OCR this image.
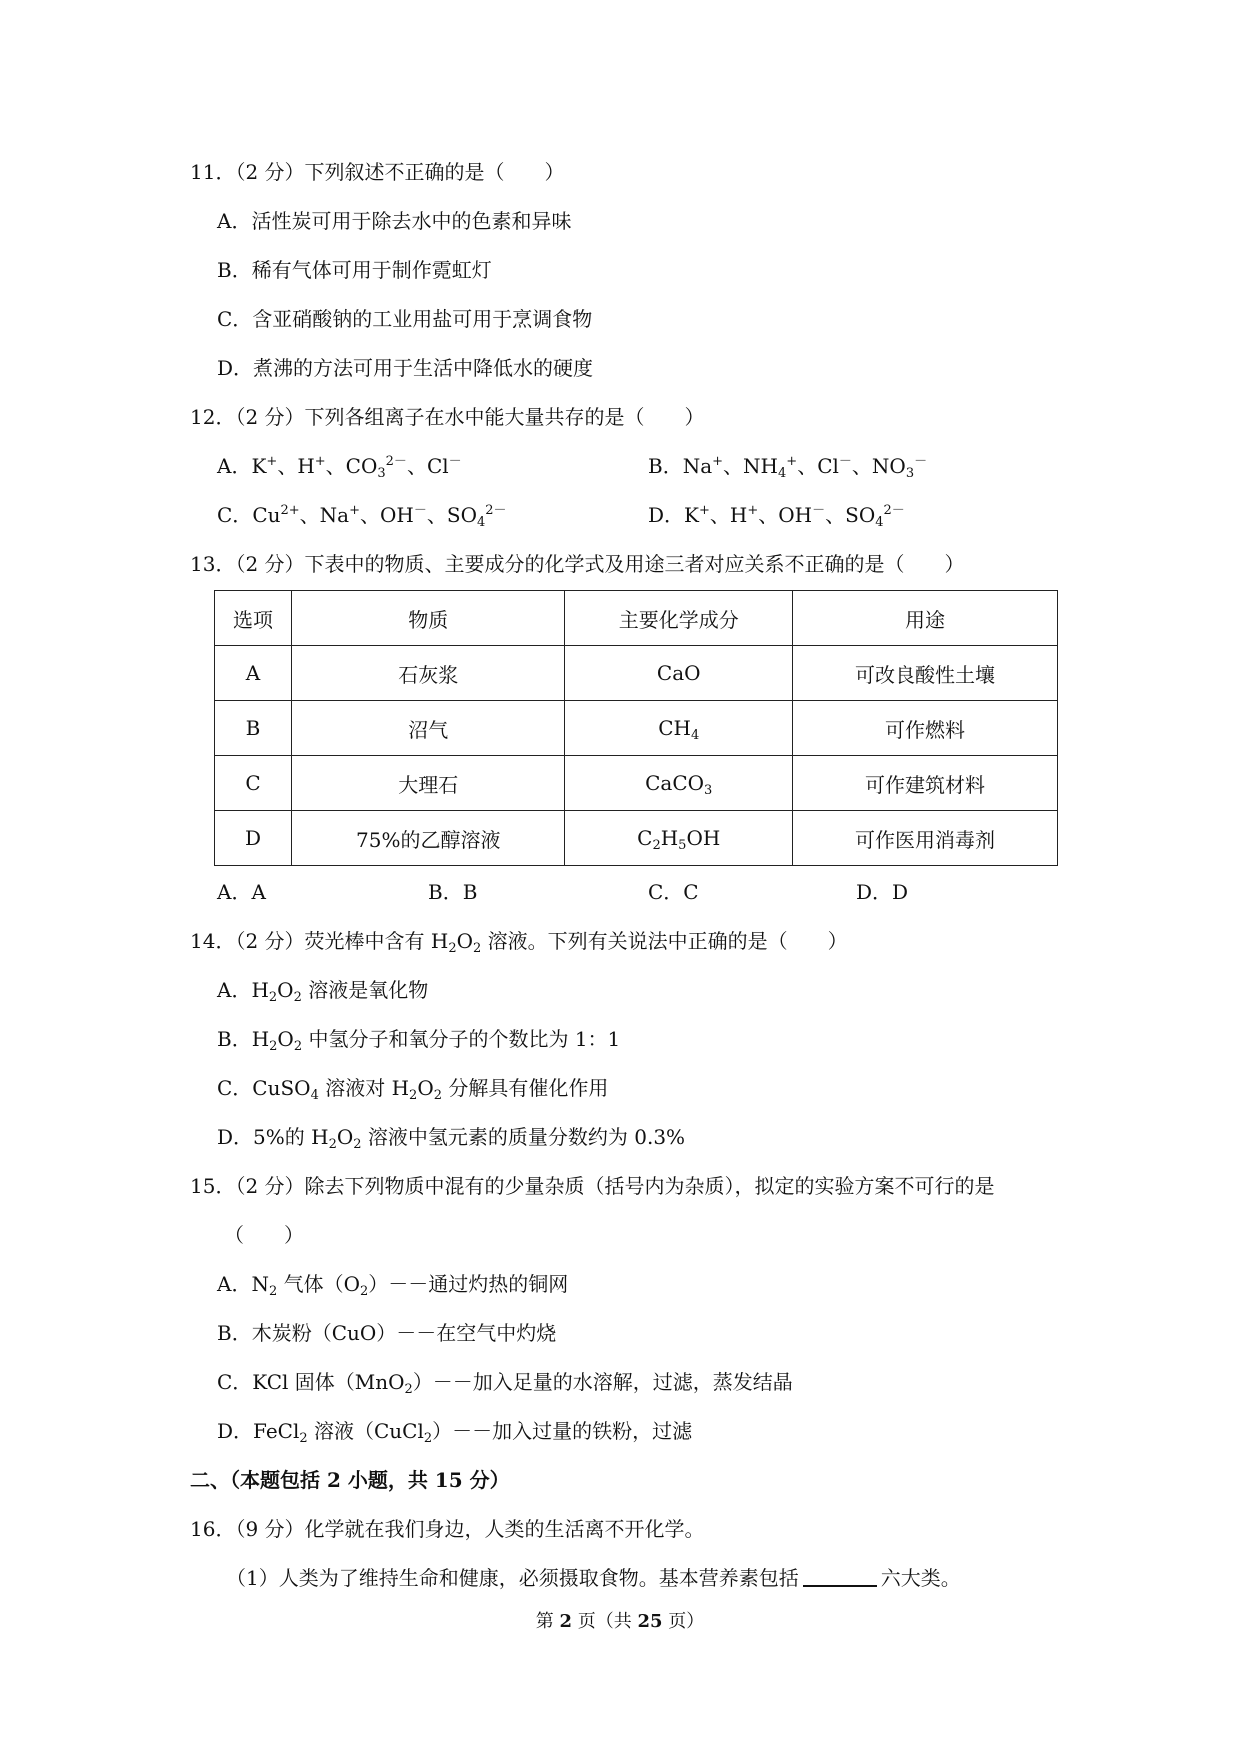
11．（2 分）下列叙述不正确的是（　　）
A．活性炭可用于除去水中的色素和异味
B．稀有气体可用于制作霓虹灯
C．含亚硝酸钠的工业用盐可用于烹调食物
D．煮沸的方法可用于生活中降低水的硬度
12．（2 分）下列各组离子在水中能大量共存的是（　　）
A．K+、H+、$CO_3^{2-}$、Cl－	B．Na+、$NH_4^+$、Cl－、$NO_3^-$
C．$Cu^{2+}$、Na+、OH－、$SO_4^{2-}$	D．K+、H+、OH－、$SO_4^{2-}$
13．（2 分）下表中的物质、主要成分的化学式及用途三者对应关系不正确的是（　　）
选项	物质	主要化学成分	用途
A	石灰浆	CaO	可改良酸性土壤
B	沼气	$CH_4$	可作燃料
C	大理石	CaCO$_3$	可作建筑材料
D	75%的乙醇溶液	$C_2H_5OH$	可作医用消毒剂
A．A	B．B	C．C	D．D
14．（2 分）荧光棒中含有 $H_2O_2$ 溶液。下列有关说法中正确的是（　　）
A．$H_2O_2$ 溶液是氧化物
B．$H_2O_2$ 中氢分子和氧分子的个数比为 1：1
C．CuSO$_4$ 溶液对 $H_2O_2$ 分解具有催化作用
D．5%的 $H_2O_2$ 溶液中氢元素的质量分数约为 0.3%
15．（2 分）除去下列物质中混有的少量杂质（括号内为杂质），拟定的实验方案不可行的是
（　　）
A．$N_2$ 气体$(O_2)--$通过灼热的铜网
B．木炭粉（CuO）－－在空气中灼烧
C．KCl 固体（MnO$_2$）－－加入足量的水溶解，过滤，蒸发结晶
D．FeCl$_2$ 溶液（CuCl$_2$）－－加入过量的铁粉，过滤
二、（本题包括 2 小题，共 15 分）
16．（9 分）化学就在我们身边，人类的生活离不开化学。
（1）人类为了维持生命和健康，必须摄取食物。基本营养素包括	六大类。
第 2 页（共 25 页）
